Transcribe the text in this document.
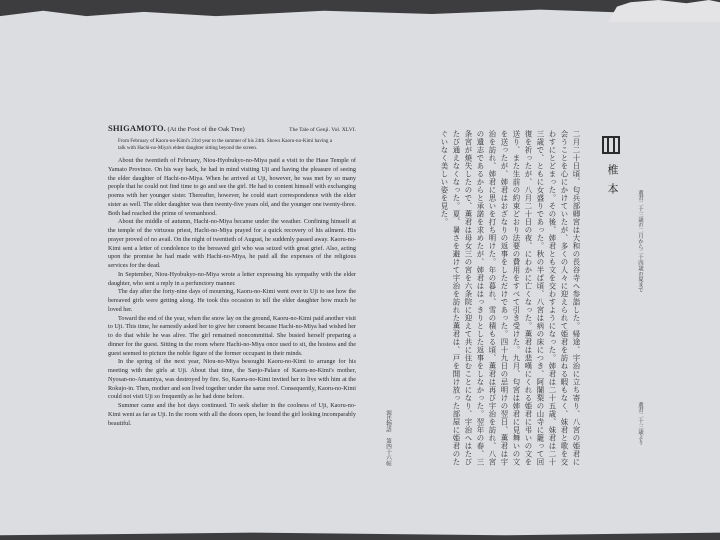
SHIGAMOTO. (At the Foot of the Oak Tree)	The Tale of Genji. Vol. XLVI.
From February of Kaoru-no-Kimi's 23rd year to the summer of his 24th. Shows Kaoru-no-Kimi having a talk with Hachi-no-Miya's eldest daughter sitting beyond the screen.

About the twentieth of February, Niou-Hyobukyo-no-Miya paid a visit to the Hase Temple of Yamato Province. On his way back, he had in mind visiting Uji and having the pleasure of seeing the elder daughter of Hachi-no-Miya. When he arrived at Uji, however, he was met by so many people that he could not find time to go and see the girl. He had to content himself with exchanging poems with her younger sister. Thereafter, however, he could start correspondence with the elder sister as well. The elder daughter was then twenty-five years old, and the younger one twenty-three. Both had reached the prime of womanhood.

About the middle of autumn, Hachi-no-Miya became under the weather. Confining himself at the temple of the virtuous priest, Hachi-no-Miya prayed for a quick recovery of his ailment. His prayer proved of no avail. On the night of twentieth of August, he suddenly passed away. Kaoru-no-Kimi sent a letter of condolence to the bereaved girl who was seized with great grief. Also, acting upon the promise he had made with Hachi-no-Miya, he paid all the expenses of the religious services for the dead.

In September, Niou-Hyobukyo-no-Miya wrote a letter expressing his sympathy with the elder daughter, who sent a reply in a perfunctory manner.

The day after the forty-nine days of mourning, Kaoru-no-Kimi went over to Uji to see how the bereaved girls were getting along. He took this occasion to tell the elder daughter how much he loved her.

Toward the end of the year, when the snow lay on the ground, Kaoru-no-Kimi paid another visit to Uji. This time, he earnestly asked her to give her consent because Hachi-no-Miya had wished her to do that while he was alive. The girl remained noncommittal. She busied herself preparing a dinner for the guest. Sitting in the room where Hachi-no-Miya once used to sit, the hostess and the guest seemed to picture the noble figure of the former occupant in their minds.

In the spring of the next year, Niou-no-Miya besought Kaoru-no-Kimi to arrange for his meeting with the girls at Uji. About that time, the Sanjo-Palace of Kaoru-no-Kimi's mother, Nyosan-no-Amamiya, was destroyed by fire. So, Kaoru-no-Kimi invited her to live with him at the Rokujo-in. Then, mother and son lived together under the same roof. Consequently, Kaoru-no-Kimi could not visit Uji so frequently as he had done before.

Summer came and the hot days continued. To seek shelter in the coolness of Uji, Kaoru-no-Kimi went as far as Uji. In the room with all the doors open, he found the girl looking incomparably beautiful.	二月二十日頃、匂兵部卿宮は大和の長谷寺へ参詣した。帰途、宇治に立ち寄り、八宮の姫君に会うことを心にかけていたが、多くの人々に迎えられて姫君を訪ねる暇もなく、妹君と歌を交わすにとどまった。その後、姉君とも文を交わすようになった。姉君は二十五歳、妹君は二十三歳で、ともに女盛りであった。秋の半ば頃、八宮は病の床につき、阿闍梨の山寺に籠って回復を祈ったが、八月二十日の夜、にわかに亡くなった。薫君は悲嘆にくれる姫君に弔いの文を送り、また生前の約束どおり法要の費用をすべて引き受けた。九月、匂宮は姉君に見舞いの文を送ったが、姉君はおざなりの返事をしただけであった。四十九日の忌明けの翌日、薫君は宇治を訪れ、姉君に思いを打ち明けた。年の暮れ、雪の積もる頃、薫君は再び宇治を訪れ、八宮の遺志であるからと承諾を求めたが、姉君ははっきりとした返事をしなかった。翌年の春、三条宮が焼失したので、薫君は母女三の宮を六条院に迎えて共に住むことになり、宇治へはたびたび通えなくなった。夏、暑さを避けて宇治を訪れた薫君は、戸を開け放った部屋に姫君のたぐいなく美しい姿を見た。
源氏物語　第四十六帖
椎本
薫君二十三歳の二月から二十四歳の夏まで
薫君二十三歳より
